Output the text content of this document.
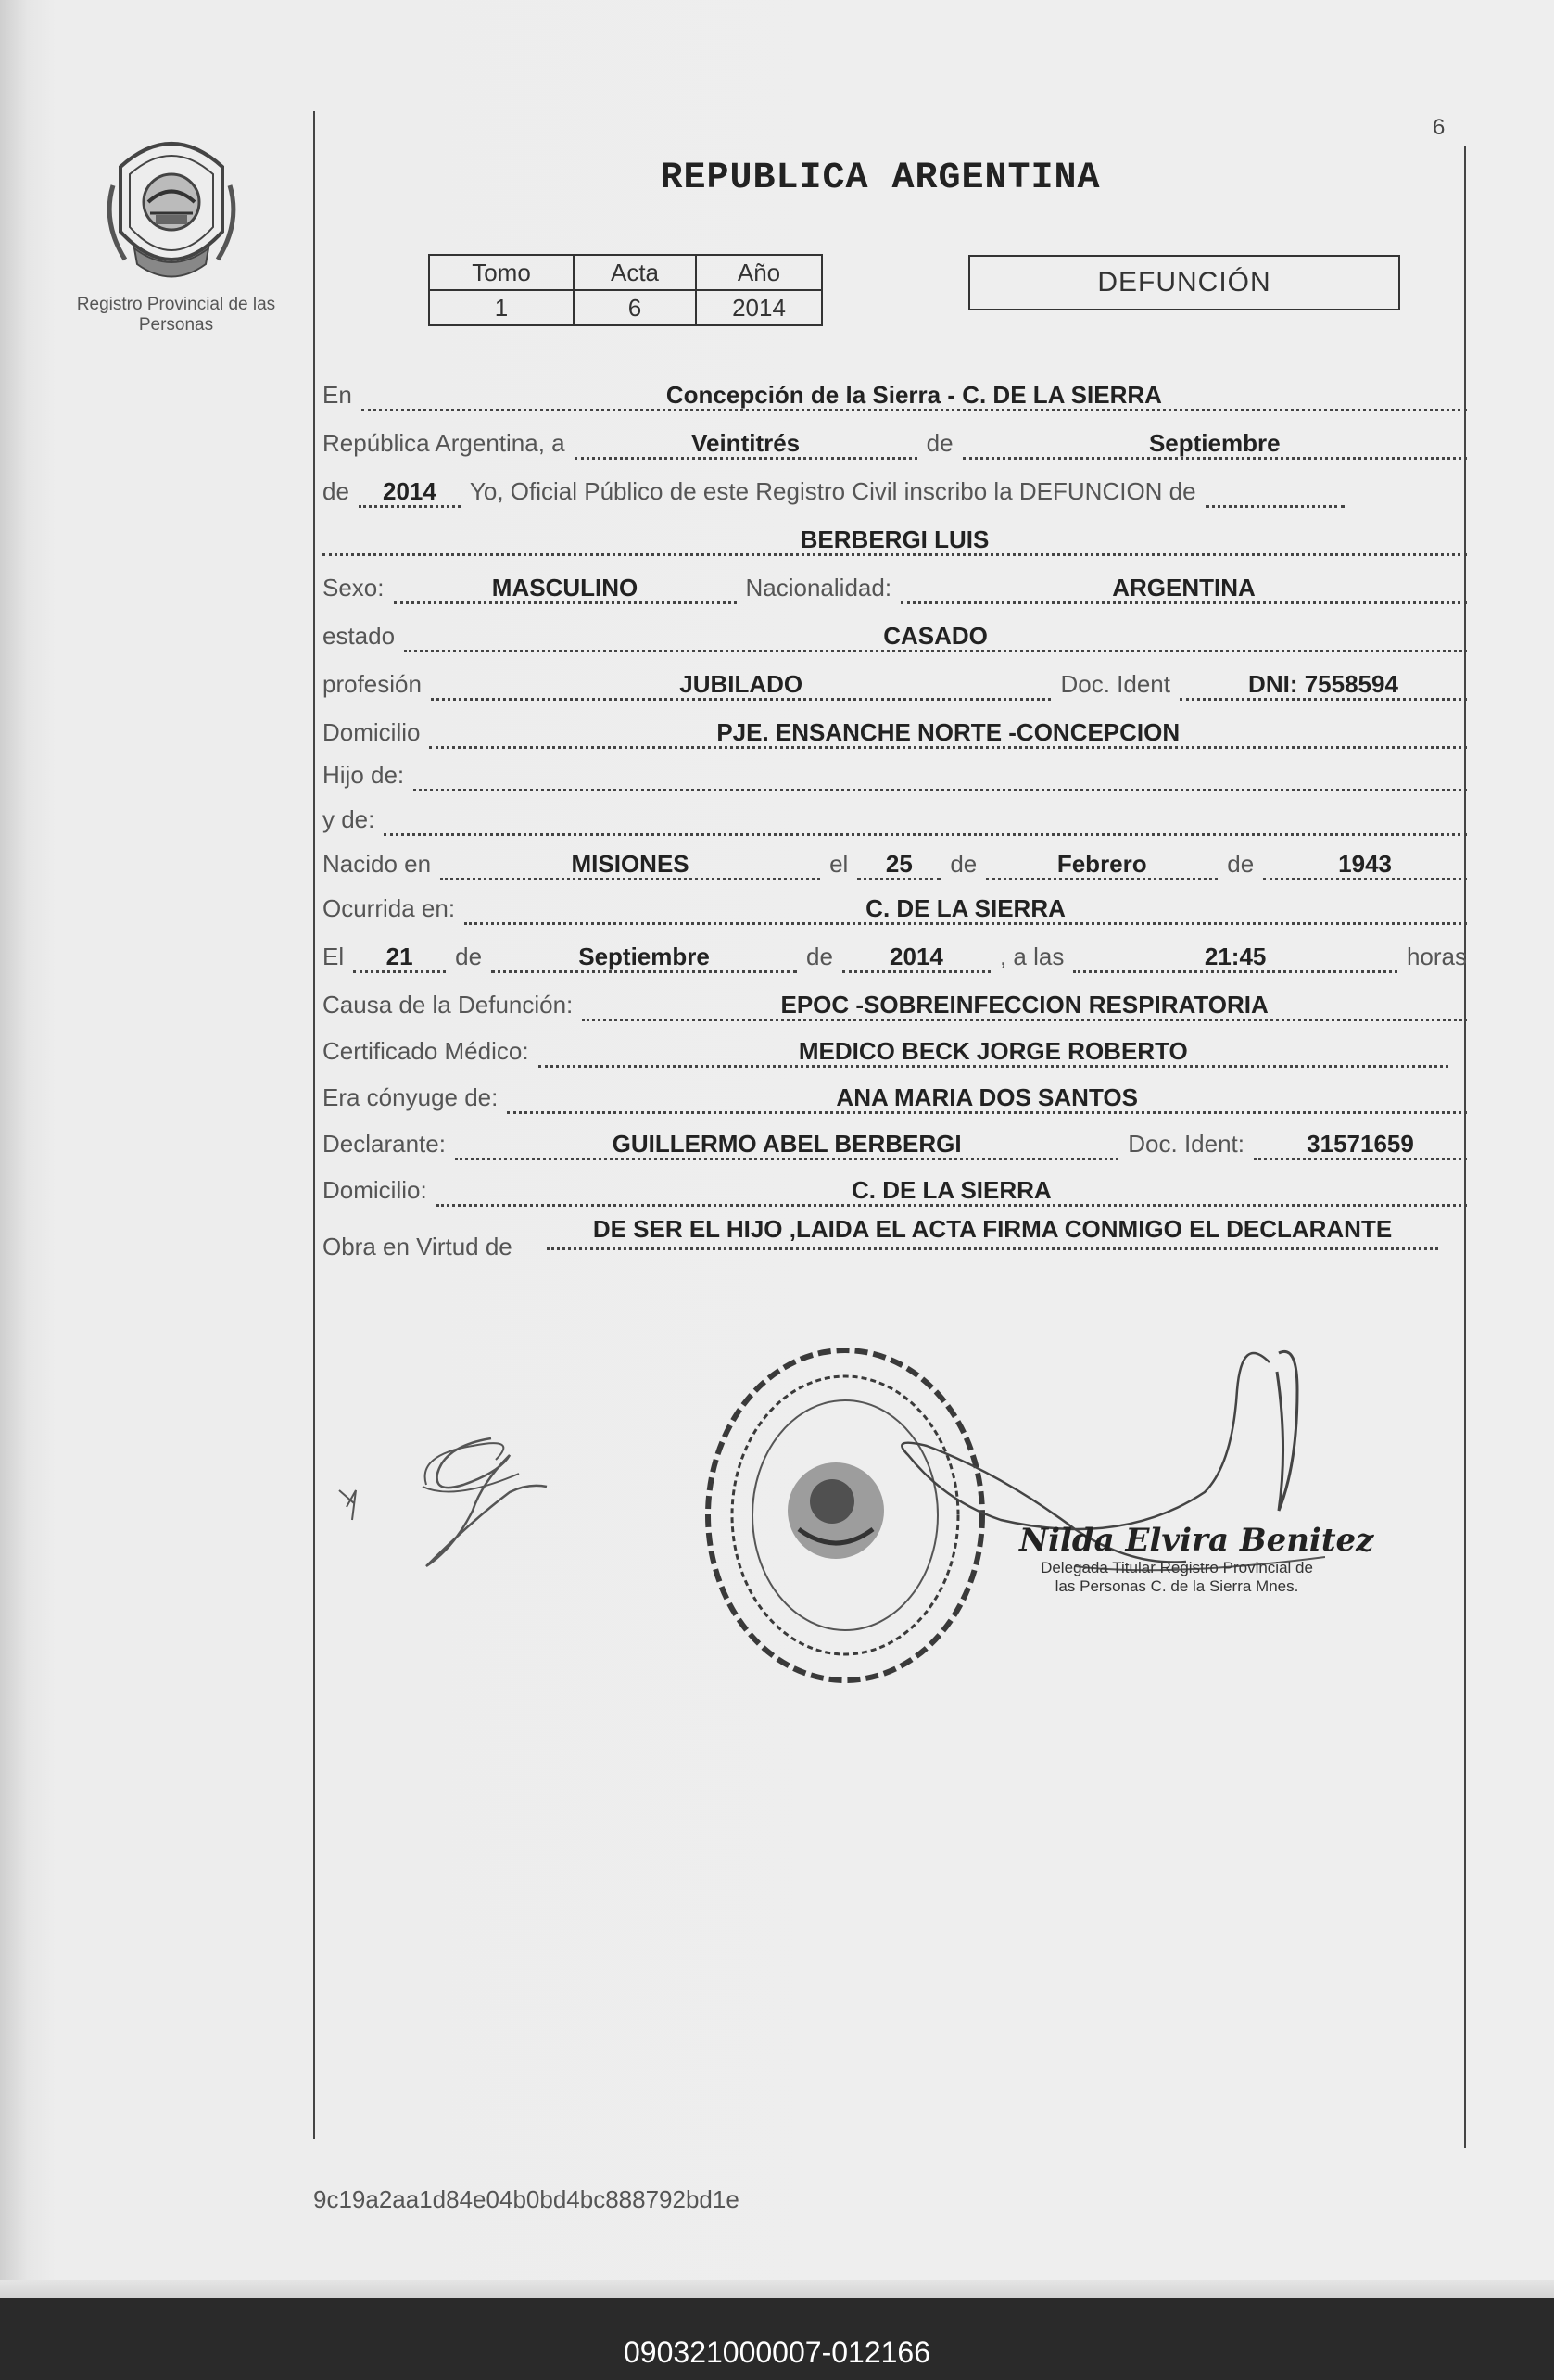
6
Registro Provincial de las Personas
REPUBLICA ARGENTINA
Tomo	Acta	Año
1	6	2014
DEFUNCIÓN
En	Concepción de la Sierra - C. DE LA SIERRA
República Argentina, a	Veintitrés	de	Septiembre
de	2014	Yo, Oficial Público de este Registro Civil inscribo la DEFUNCION de
BERBERGI LUIS
Sexo:	MASCULINO	Nacionalidad:	ARGENTINA
estado	CASADO
profesión	JUBILADO	Doc. Ident	DNI: 7558594
Domicilio	PJE. ENSANCHE NORTE -CONCEPCION
Hijo de:
y de:
Nacido en	MISIONES	el	25	de	Febrero	de	1943
Ocurrida en:	C. DE LA SIERRA
El	21	de	Septiembre	de	2014	, a las	21:45	horas
Causa de la Defunción:	EPOC -SOBREINFECCION RESPIRATORIA
Certificado Médico:	MEDICO BECK JORGE ROBERTO
Era cónyuge de:	ANA MARIA DOS SANTOS
Declarante:	GUILLERMO ABEL BERBERGI	Doc. Ident:	31571659
Domicilio:	C. DE LA SIERRA
Obra en Virtud de
DE SER EL HIJO ,LAIDA EL ACTA FIRMA CONMIGO EL DECLARANTE
Nilda Elvira Benitez
Delegada Titular Registro Provincial de las Personas C. de la Sierra Mnes.
9c19a2aa1d84e04b0bd4bc888792bd1e
090321000007-012166
